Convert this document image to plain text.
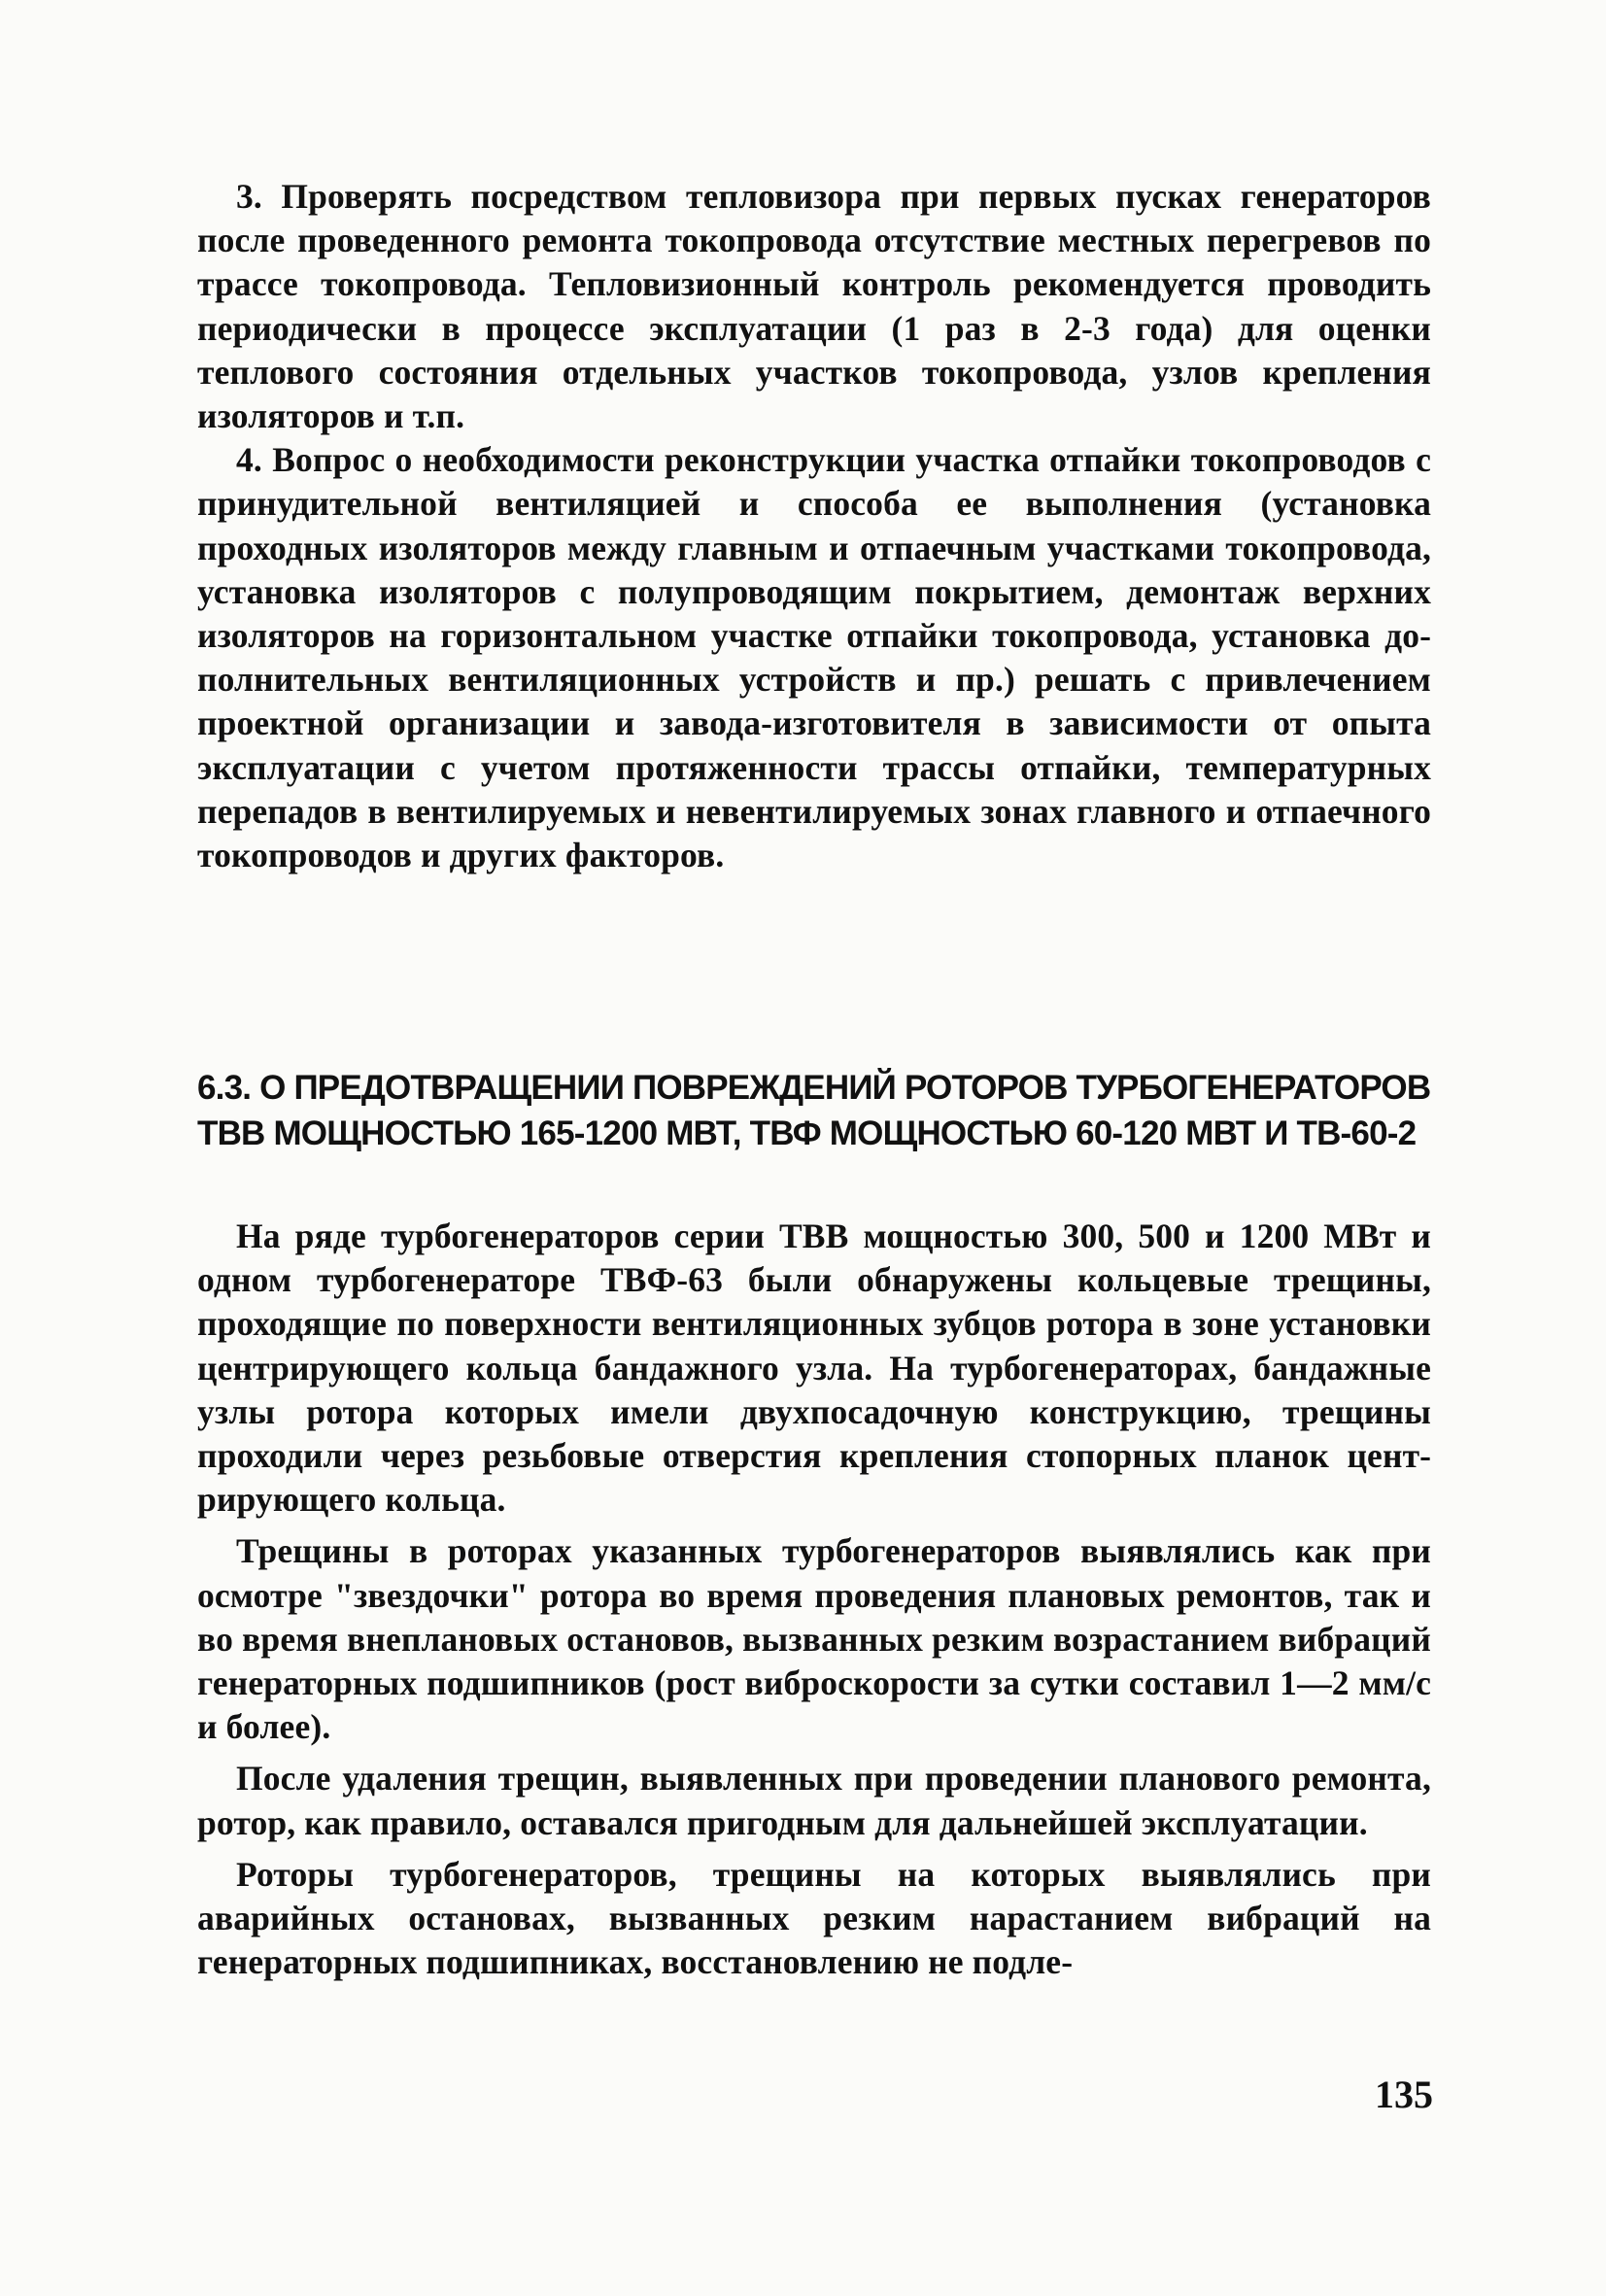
3. Проверять посредством тепловизора при первых пусках генераторов после проведенного ремонта токопровода отсутствие местных перегревов по трассе токопровода. Тепловизионный контроль рекомендуется проводить периодически в процессе эксплуатации (1 раз в 2-3 года) для оценки теплового состояния отдельных участков токопровода, узлов крепления изоляторов и т.п.

4. Вопрос о необходимости реконструкции участка отпайки токопроводов с принудительной вентиляцией и способа ее выполнения (установка проходных изоляторов между главным и отпаечным участками токопровода, установка изоляторов с полупроводящим покрытием, демонтаж верхних изоляторов на горизонтальном участке отпайки токопровода, установка дополнительных вентиляционных устройств и пр.) решать с привлечением проектной организации и завода-изготовителя в зависимости от опыта эксплуатации с учетом протяженности трассы отпайки, температурных перепадов в вентилируемых и невентилируемых зонах главного и отпаечного токопроводов и других факторов.

6.3. О ПРЕДОТВРАЩЕНИИ ПОВРЕЖДЕНИЙ РОТОРОВ ТУРБОГЕНЕРАТОРОВ ТВВ МОЩНОСТЬЮ 165-1200 МВТ, ТВФ МОЩНОСТЬЮ 60-120 МВТ И ТВ-60-2

На ряде турбогенераторов серии ТВВ мощностью 300, 500 и 1200 МВт и одном турбогенераторе ТВФ-63 были обнаружены кольцевые трещины, проходящие по поверхности вентиляционных зубцов ротора в зоне установки центрирующего кольца бандажного узла. На турбогенераторах, бандажные узлы ротора которых имели двухпосадочную конструкцию, трещины проходили через резьбовые отверстия крепления стопорных планок центрирующего кольца.

Трещины в роторах указанных турбогенераторов выявлялись как при осмотре "звездочки" ротора во время проведения плановых ремонтов, так и во время внеплановых остановов, вызванных резким возрастанием вибраций генераторных подшипников (рост виброскорости за сутки составил 1—2 мм/с и более).

После удаления трещин, выявленных при проведении планового ремонта, ротор, как правило, оставался пригодным для дальнейшей эксплуатации.

Роторы турбогенераторов, трещины на которых выявлялись при аварийных остановах, вызванных резким нарастанием вибраций на генераторных подшипниках, восстановлению не подле-

135
